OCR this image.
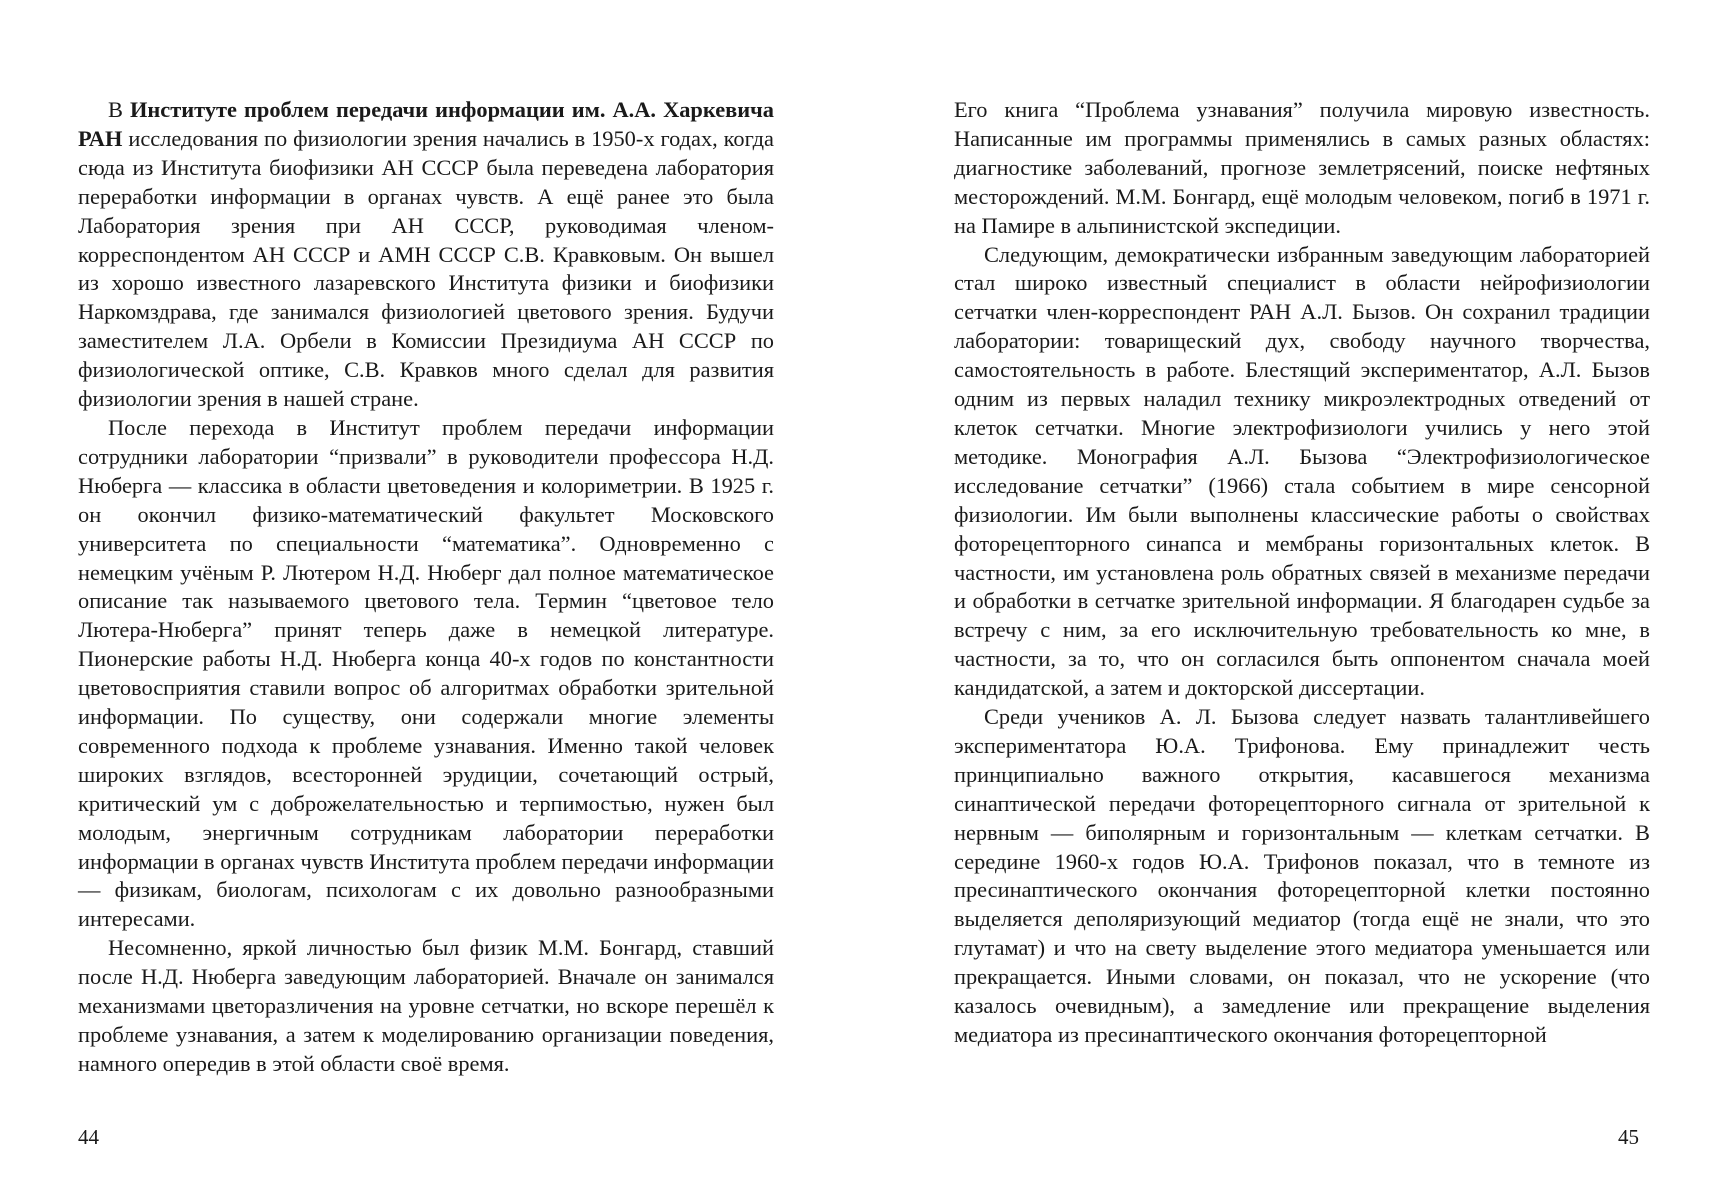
В Институте проблем передачи информации им. А.А. Харкевича РАН исследования по физиологии зрения начались в 1950-х годах, когда сюда из Института биофизики АН СССР была переведена лаборатория переработки информации в органах чувств. А ещё ранее это была Лаборатория зрения при АН СССР, руководимая членом-корреспондентом АН СССР и АМН СССР С.В. Кравковым. Он вышел из хорошо известного лазаревского Института физики и биофизики Наркомздрава, где занимался физиологией цветового зрения. Будучи заместителем Л.А. Орбели в Комиссии Президиума АН СССР по физиологической оптике, С.В. Кравков много сделал для развития физиологии зрения в нашей стране.

После перехода в Институт проблем передачи информации сотрудники лаборатории “призвали” в руководители профессора Н.Д. Нюберга — классика в области цветоведения и колориметрии. В 1925 г. он окончил физико-математический факультет Московского университета по специальности “математика”. Одновременно с немецким учёным Р. Лютером Н.Д. Нюберг дал полное математическое описание так называемого цветового тела. Термин “цветовое тело Лютера-Нюберга” принят теперь даже в немецкой литературе. Пионерские работы Н.Д. Нюберга конца 40-х годов по константности цветовосприятия ставили вопрос об алгоритмах обработки зрительной информации. По существу, они содержали многие элементы современного подхода к проблеме узнавания. Именно такой человек широких взглядов, всесторонней эрудиции, сочетающий острый, критический ум с доброжелательностью и терпимостью, нужен был молодым, энергичным сотрудникам лаборатории переработки информации в органах чувств Института проблем передачи информации — физикам, биологам, психологам с их довольно разнообразными интересами.

Несомненно, яркой личностью был физик М.М. Бонгард, ставший после Н.Д. Нюберга заведующим лабораторией. Вначале он занимался механизмами цветоразличения на уровне сетчатки, но вскоре перешёл к проблеме узнавания, а затем к моделированию организации поведения, намного опередив в этой области своё время.

Его книга “Проблема узнавания” получила мировую известность. Написанные им программы применялись в самых разных областях: диагностике заболеваний, прогнозе землетрясений, поиске нефтяных месторождений. М.М. Бонгард, ещё молодым человеком, погиб в 1971 г. на Памире в альпинистской экспедиции.

Следующим, демократически избранным заведующим лабораторией стал широко известный специалист в области нейрофизиологии сетчатки член-корреспондент РАН А.Л. Бызов. Он сохранил традиции лаборатории: товарищеский дух, свободу научного творчества, самостоятельность в работе. Блестящий экспериментатор, А.Л. Бызов одним из первых наладил технику микроэлектродных отведений от клеток сетчатки. Многие электрофизиологи учились у него этой методике. Монография А.Л. Бызова “Электрофизиологическое исследование сетчатки” (1966) стала событием в мире сенсорной физиологии. Им были выполнены классические работы о свойствах фоторецепторного синапса и мембраны горизонтальных клеток. В частности, им установлена роль обратных связей в механизме передачи и обработки в сетчатке зрительной информации. Я благодарен судьбе за встречу с ним, за его исключительную требовательность ко мне, в частности, за то, что он согласился быть оппонентом сначала моей кандидатской, а затем и докторской диссертации.

Среди учеников А. Л. Бызова следует назвать талантливейшего экспериментатора Ю.А. Трифонова. Ему принадлежит честь принципиально важного открытия, касавшегося механизма синаптической передачи фоторецепторного сигнала от зрительной к нервным — биполярным и горизонтальным — клеткам сетчатки. В середине 1960-х годов Ю.А. Трифонов показал, что в темноте из пресинаптического окончания фоторецепторной клетки постоянно выделяется деполяризующий медиатор (тогда ещё не знали, что это глутамат) и что на свету выделение этого медиатора уменьшается или прекращается. Иными словами, он показал, что не ускорение (что казалось очевидным), а замедление или прекращение выделения медиатора из пресинаптического окончания фоторецепторной

44	45
